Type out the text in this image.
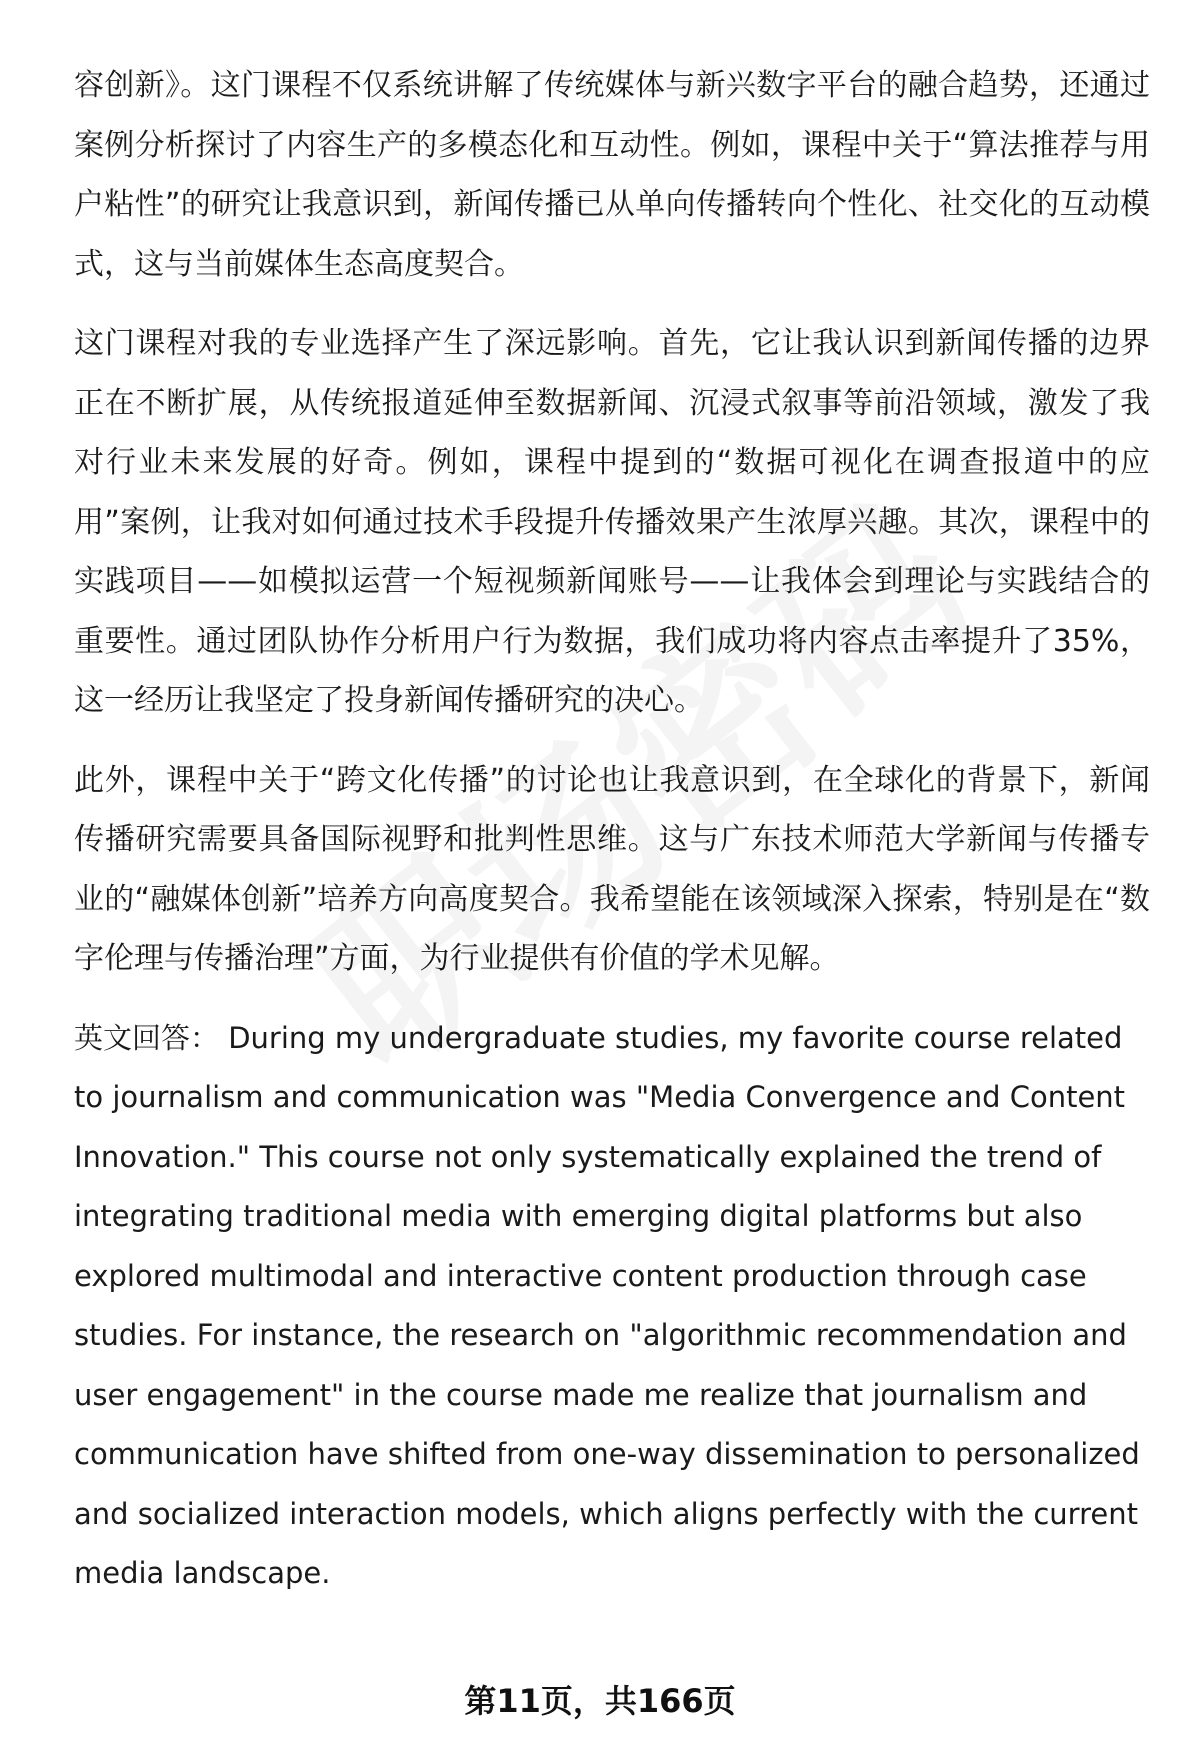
容创新》。这门课程不仅系统讲解了传统媒体与新兴数字平台的融合趋势，还通过案例分析探讨了内容生产的多模态化和互动性。例如，课程中关于“算法推荐与用户粘性”的研究让我意识到，新闻传播已从单向传播转向个性化、社交化的互动模式，这与当前媒体生态高度契合。

这门课程对我的专业选择产生了深远影响。首先，它让我认识到新闻传播的边界正在不断扩展，从传统报道延伸至数据新闻、沉浸式叙事等前沿领域，激发了我对行业未来发展的好奇。例如，课程中提到的“数据可视化在调查报道中的应用”案例，让我对如何通过技术手段提升传播效果产生浓厚兴趣。其次，课程中的实践项目——如模拟运营一个短视频新闻账号——让我体会到理论与实践结合的重要性。通过团队协作分析用户行为数据，我们成功将内容点击率提升了35%，这一经历让我坚定了投身新闻传播研究的决心。

此外，课程中关于“跨文化传播”的讨论也让我意识到，在全球化的背景下，新闻传播研究需要具备国际视野和批判性思维。这与广东技术师范大学新闻与传播专业的“融媒体创新”培养方向高度契合。我希望能在该领域深入探索，特别是在“数字伦理与传播治理”方面，为行业提供有价值的学术见解。

英文回答： During my undergraduate studies, my favorite course related to journalism and communication was "Media Convergence and Content Innovation." This course not only systematically explained the trend of integrating traditional media with emerging digital platforms but also explored multimodal and interactive content production through case studies. For instance, the research on "algorithmic recommendation and user engagement" in the course made me realize that journalism and communication have shifted from one-way dissemination to personalized and socialized interaction models, which aligns perfectly with the current media landscape.

第11页，共166页
